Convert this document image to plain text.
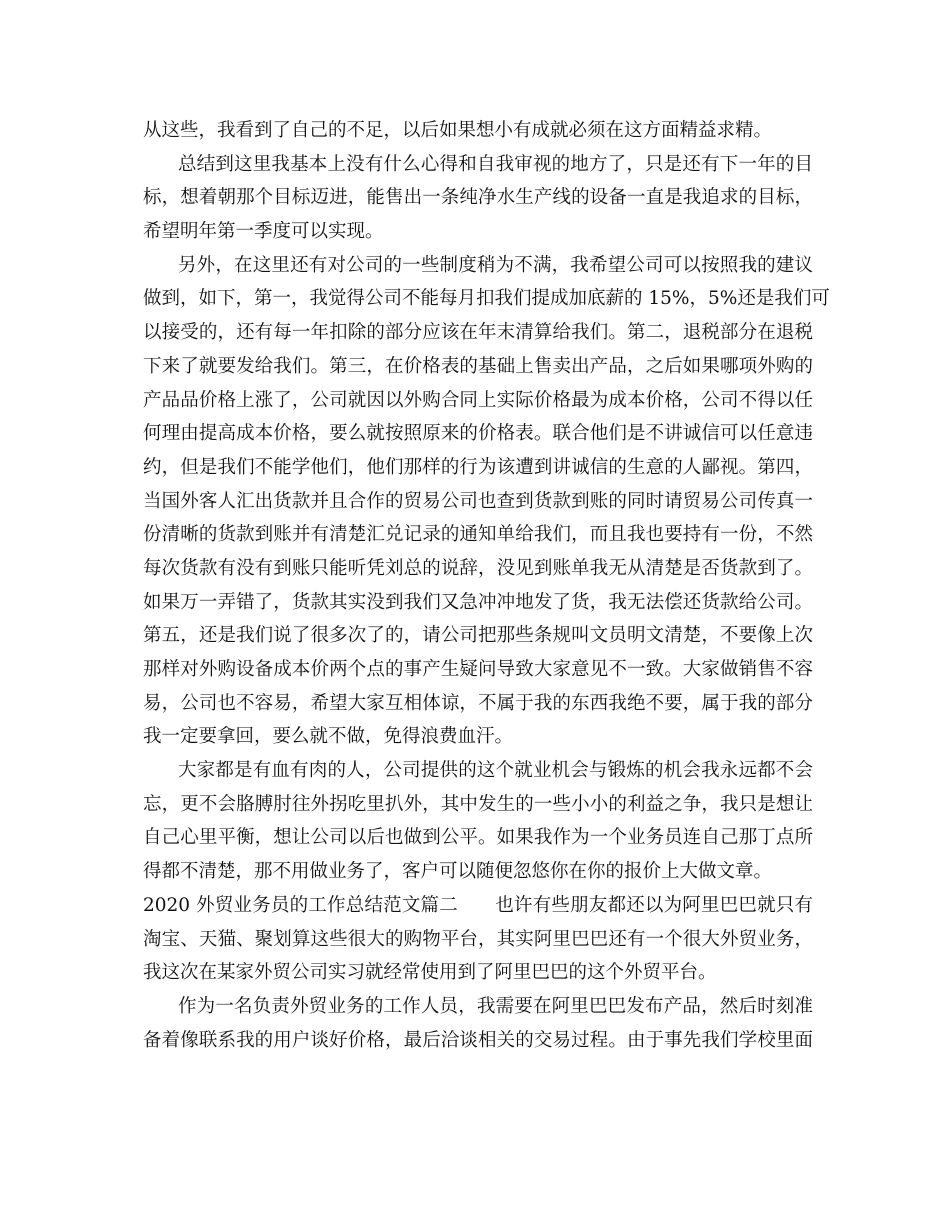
从这些，我看到了自己的不足，以后如果想小有成就必须在这方面精益求精。
总结到这里我基本上没有什么心得和自我审视的地方了，只是还有下一年的目
标，想着朝那个目标迈进，能售出一条纯净水生产线的设备一直是我追求的目标，
希望明年第一季度可以实现。
另外，在这里还有对公司的一些制度稍为不满，我希望公司可以按照我的建议
做到，如下，第一，我觉得公司不能每月扣我们提成加底薪的 15%，5%还是我们可
以接受的，还有每一年扣除的部分应该在年末清算给我们。第二，退税部分在退税
下来了就要发给我们。第三，在价格表的基础上售卖出产品，之后如果哪项外购的
产品品价格上涨了，公司就因以外购合同上实际价格最为成本价格，公司不得以任
何理由提高成本价格，要么就按照原来的价格表。联合他们是不讲诚信可以任意违
约，但是我们不能学他们，他们那样的行为该遭到讲诚信的生意的人鄙视。第四，
当国外客人汇出货款并且合作的贸易公司也查到货款到账的同时请贸易公司传真一
份清晰的货款到账并有清楚汇兑记录的通知单给我们，而且我也要持有一份，不然
每次货款有没有到账只能听凭刘总的说辞，没见到账单我无从清楚是否货款到了。
如果万一弄错了，货款其实没到我们又急冲冲地发了货，我无法偿还货款给公司。
第五，还是我们说了很多次了的，请公司把那些条规叫文员明文清楚，不要像上次
那样对外购设备成本价两个点的事产生疑问导致大家意见不一致。大家做销售不容
易，公司也不容易，希望大家互相体谅，不属于我的东西我绝不要，属于我的部分
我一定要拿回，要么就不做，免得浪费血汗。
大家都是有血有肉的人，公司提供的这个就业机会与锻炼的机会我永远都不会
忘，更不会胳膊肘往外拐吃里扒外，其中发生的一些小小的利益之争，我只是想让
自己心里平衡，想让公司以后也做到公平。如果我作为一个业务员连自己那丁点所
得都不清楚，那不用做业务了，客户可以随便忽悠你在你的报价上大做文章。
2020 外贸业务员的工作总结范文篇二　　也许有些朋友都还以为阿里巴巴就只有
淘宝、天猫、聚划算这些很大的购物平台，其实阿里巴巴还有一个很大外贸业务，
我这次在某家外贸公司实习就经常使用到了阿里巴巴的这个外贸平台。
作为一名负责外贸业务的工作人员，我需要在阿里巴巴发布产品，然后时刻准
备着像联系我的用户谈好价格，最后洽谈相关的交易过程。由于事先我们学校里面
